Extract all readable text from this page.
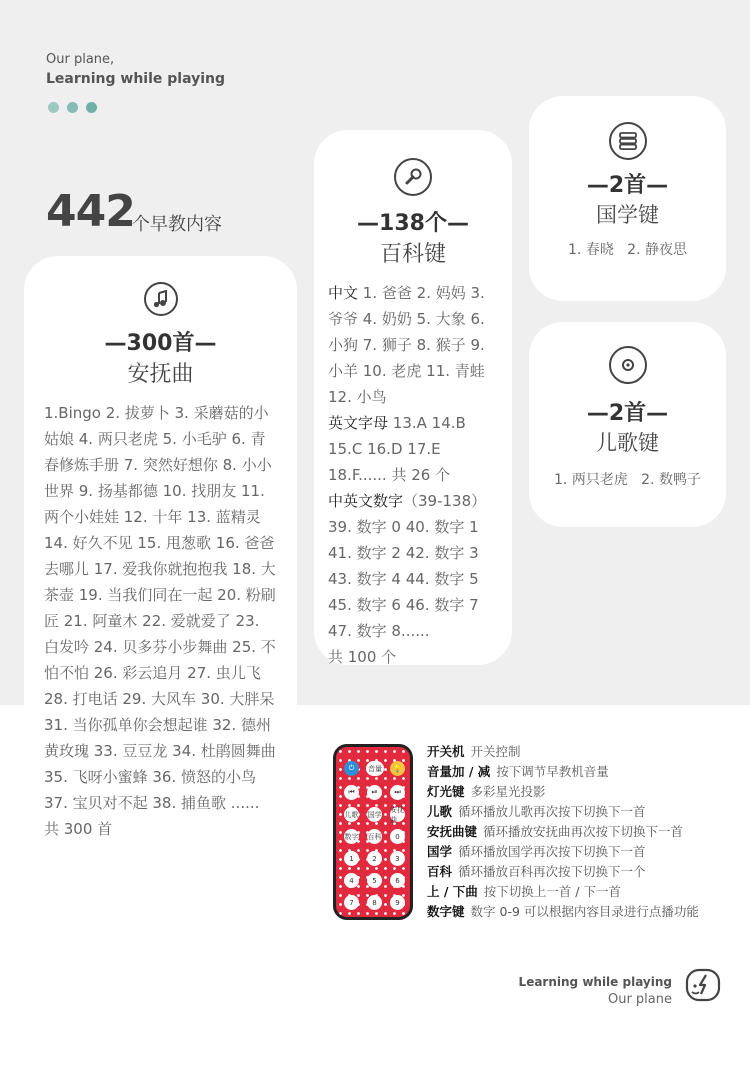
Our plane,
Learning while playing
442
个早教内容
—300首—
安抚曲
1.Bingo 2. 拔萝卜 3. 采蘑菇的小姑娘 4. 两只老虎 5. 小毛驴 6. 青春修炼手册 7. 突然好想你 8. 小小世界 9. 扬基都德 10. 找朋友 11. 两个小娃娃 12. 十年 13. 蓝精灵 14. 好久不见 15. 甩葱歌 16. 爸爸去哪儿 17. 爱我你就抱抱我 18. 大茶壶 19. 当我们同在一起 20. 粉刷匠 21. 阿童木 22. 爱就爱了 23. 白发吟 24. 贝多芬小步舞曲 25. 不怕不怕 26. 彩云追月 27. 虫儿飞 28. 打电话 29. 大风车 30. 大胖呆 31. 当你孤单你会想起谁 32. 德州黄玫瑰 33. 豆豆龙 34. 杜鹃圆舞曲 35. 飞呀小蜜蜂 36. 愤怒的小鸟 37. 宝贝对不起 38. 捕鱼歌 ......
共 300 首
—138个—
百科键
中文 1. 爸爸 2. 妈妈 3. 爷爷 4. 奶奶 5. 大象 6. 小狗 7. 狮子 8. 猴子 9. 小羊 10. 老虎 11. 青蛙 12. 小鸟
英文字母 13.A 14.B 15.C 16.D 17.E 18.F...... 共 26 个
中英文数字（39-138） 39. 数字 0 40. 数字 1 41. 数字 2 42. 数字 3 43. 数字 4 44. 数字 5 45. 数字 6 46. 数字 7 47. 数字 8......
共 100 个
—2首—
国学键
1. 春晓   2. 静夜思
—2首—
儿歌键
1. 两只老虎   2. 数鸭子
⏻	音量	💡
⏮	⏯	⏭
儿歌 国学
安抚曲
数字 百科	0
1	2	3
4	5	6
7	8	9
开关机 开关控制
音量加 / 减 按下调节早教机音量
灯光键 多彩星光投影
儿歌 循环播放儿歌再次按下切换下一首
安抚曲键 循环播放安抚曲再次按下切换下一首
国学 循环播放国学再次按下切换下一首
百科 循环播放百科再次按下切换下一个
上 / 下曲 按下切换上一首 / 下一首
数字键 数字 0-9 可以根据内容目录进行点播功能
Learning while playing
Our plane
